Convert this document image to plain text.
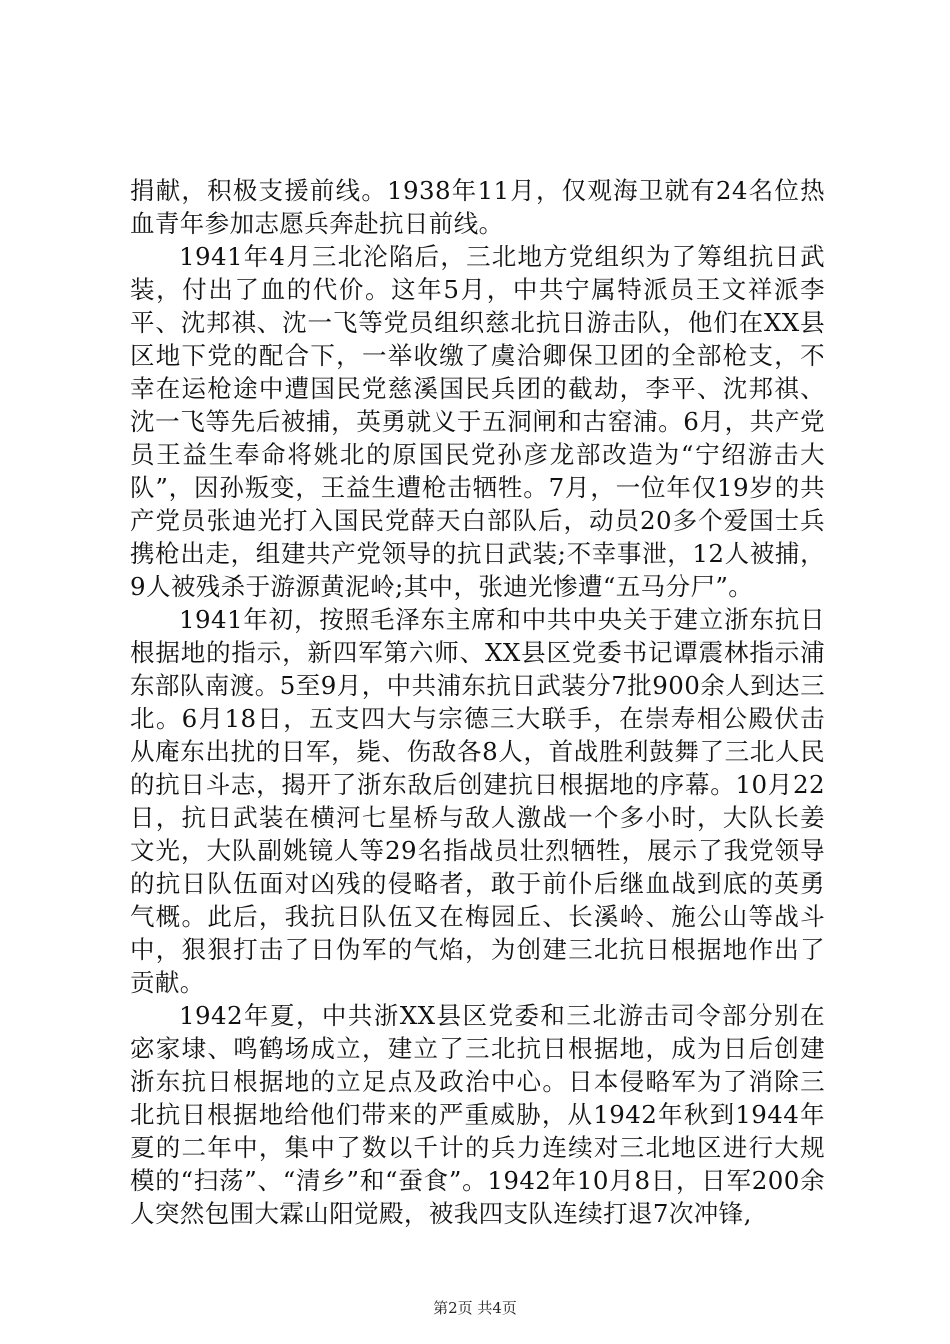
捐献，积极支援前线。1938年11月，仅观海卫就有24名位热血青年参加志愿兵奔赴抗日前线。

1941年4月三北沦陷后，三北地方党组织为了筹组抗日武装，付出了血的代价。这年5月，中共宁属特派员王文祥派李平、沈邦祺、沈一飞等党员组织慈北抗日游击队，他们在XX县区地下党的配合下，一举收缴了虞洽卿保卫团的全部枪支，不幸在运枪途中遭国民党慈溪国民兵团的截劫，李平、沈邦祺、沈一飞等先后被捕，英勇就义于五洞闸和古窑浦。6月，共产党员王益生奉命将姚北的原国民党孙彦龙部改造为“宁绍游击大队”，因孙叛变，王益生遭枪击牺牲。7月，一位年仅19岁的共产党员张迪光打入国民党薛天白部队后，动员20多个爱国士兵携枪出走，组建共产党领导的抗日武装;不幸事泄，12人被捕，9人被残杀于游源黄泥岭;其中，张迪光惨遭“五马分尸”。

1941年初，按照毛泽东主席和中共中央关于建立浙东抗日根据地的指示，新四军第六师、XX县区党委书记谭震林指示浦东部队南渡。5至9月，中共浦东抗日武装分7批900余人到达三北。6月18日，五支四大与宗德三大联手，在崇寿相公殿伏击从庵东出扰的日军，毙、伤敌各8人，首战胜利鼓舞了三北人民的抗日斗志，揭开了浙东敌后创建抗日根据地的序幕。10月22日，抗日武装在横河七星桥与敌人激战一个多小时，大队长姜文光，大队副姚镜人等29名指战员壮烈牺牲，展示了我党领导的抗日队伍面对凶残的侵略者，敢于前仆后继血战到底的英勇气概。此后，我抗日队伍又在梅园丘、长溪岭、施公山等战斗中，狠狠打击了日伪军的气焰，为创建三北抗日根据地作出了贡献。

1942年夏，中共浙XX县区党委和三北游击司令部分别在宓家埭、鸣鹤场成立，建立了三北抗日根据地，成为日后创建浙东抗日根据地的立足点及政治中心。日本侵略军为了消除三北抗日根据地给他们带来的严重威胁，从1942年秋到1944年夏的二年中，集中了数以千计的兵力连续对三北地区进行大规模的“扫荡”、“清乡”和“蚕食”。1942年10月8日，日军200余人突然包围大霖山阳觉殿，被我四支队连续打退7次冲锋,

第2页 共4页
